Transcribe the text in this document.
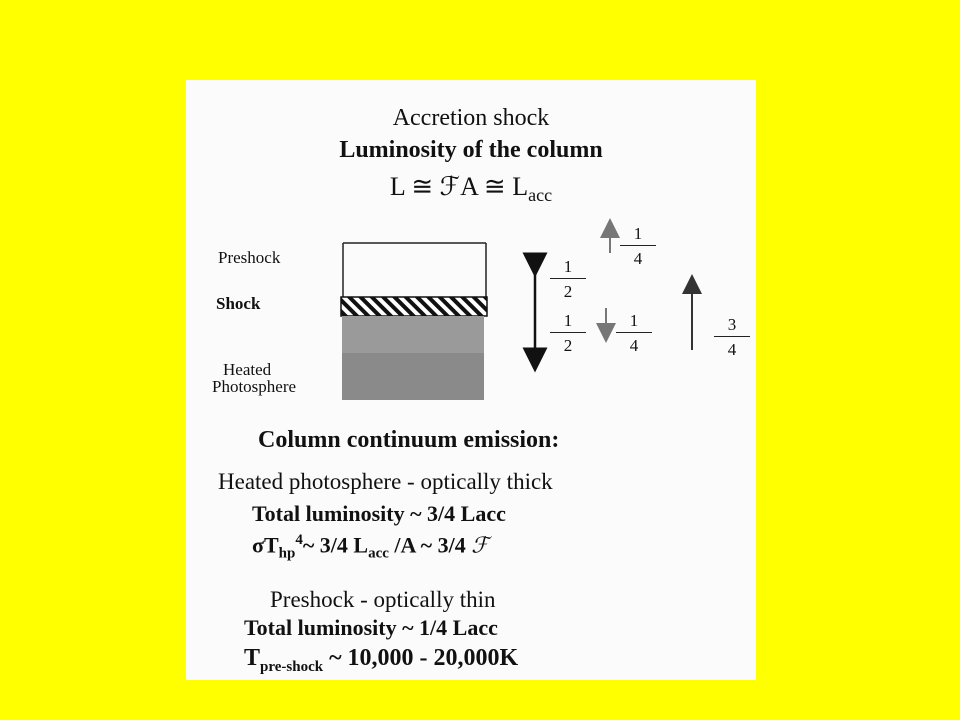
Accretion shock
Luminosity of the column
L ≅ ℱA ≅ $L_{acc}$
Preshock
Shock
Heated
Photosphere
1
4
1
2
1
2
1
4
3
4
Column continuum emission:
Heated photosphere - optically thick
Total luminosity ~ 3/4 Lacc
$\sigma T_{hp}^4\sim$ 3/4 $L_{acc}$ /A ~ 3/4 ℱ
Preshock - optically thin
Total luminosity ~ 1/4 Lacc
$T_{pre-shock}$ ~ 10,000 - 20,000K
